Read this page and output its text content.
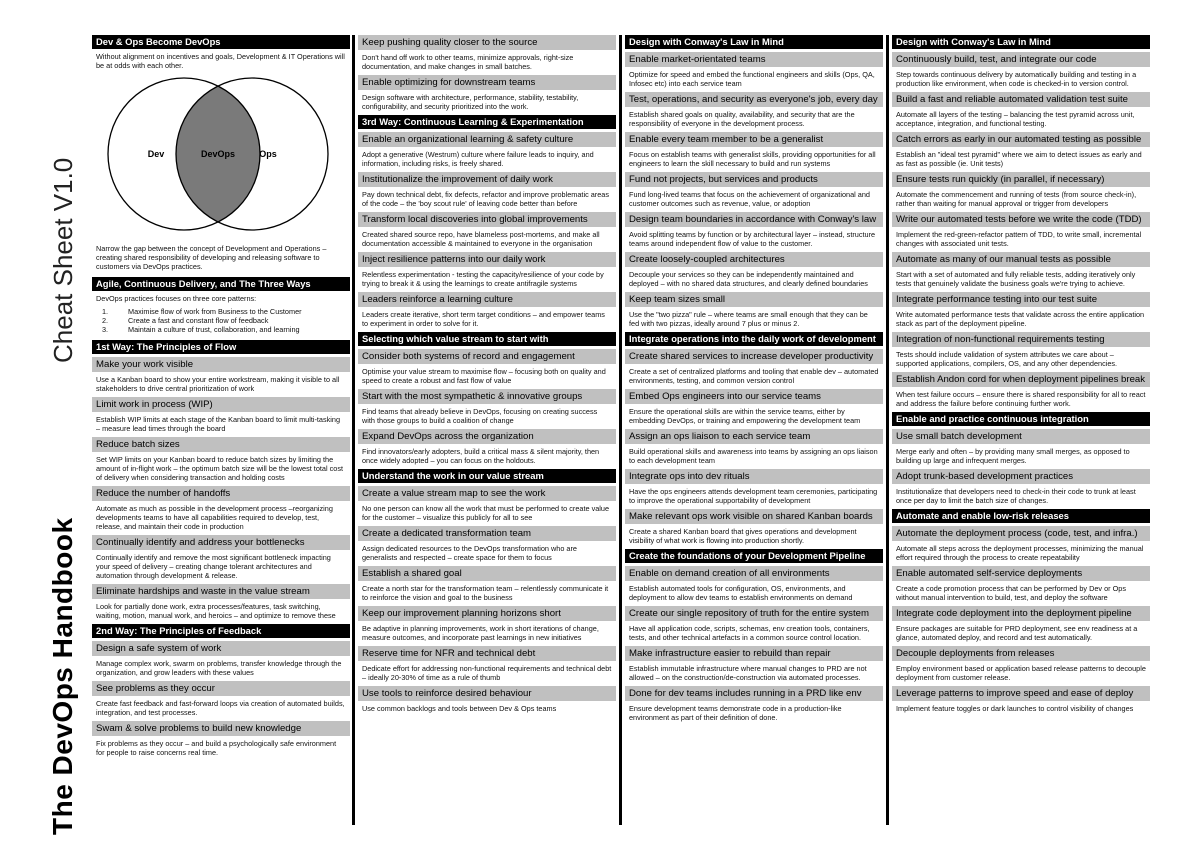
The DevOps Handbook Cheat Sheet V1.0
Dev & Ops Become DevOps
Without alignment on incentives and goals, Development & IT Operations will be at odds with each other.
Dev	DevOps	Ops
Narrow the gap between the concept of Development and Operations – creating shared responsibility of developing and releasing software to customers via DevOps practices.
Agile, Continuous Delivery, and The Three Ways
DevOps practices focuses on three core patterns:
1.	Maximise flow of work from Business to the Customer
2.	Create a fast and constant flow of feedback
3.	Maintain a culture of trust, collaboration, and learning
1st Way: The Principles of Flow
Make your work visible
Use a Kanban board to show your entire workstream, making it visible to all stakeholders to drive central prioritization of work
Limit work in process (WIP)
Establish WIP limits at each stage of the Kanban board to limit multi-tasking – measure lead times through the board
Reduce batch sizes
Set WIP limits on your Kanban board to reduce batch sizes by limiting the amount of in-flight work – the optimum batch size will be the lowest total cost of delivery when considering transaction and holding costs
Reduce the number of handoffs
Automate as much as possible in the development process –reorganizing developments teams to have all capabilities required to develop, test, release, and maintain their code in production
Continually identify and address your bottlenecks
Continually identify and remove the most significant bottleneck impacting your speed of delivery – creating change tolerant architectures and automation through development & release.
Eliminate hardships and waste in the value stream
Look for partially done work, extra processes/features, task switching, waiting, motion, manual work, and heroics – and optimize to remove these
2nd Way: The Principles of Feedback
Design a safe system of work
Manage complex work, swarm on problems, transfer knowledge through the organization, and grow leaders with these values
See problems as they occur
Create fast feedback and fast-forward loops via creation of automated builds, integration, and test processes.
Swam & solve problems to build new knowledge
Fix problems as they occur – and build a psychologically safe environment for people to raise concerns real time.
Keep pushing quality closer to the source
Don't hand off work to other teams, minimize approvals, right-size documentation, and make changes in small batches.
Enable optimizing for downstream teams
Design software with architecture, performance, stability, testability, configurability, and security prioritized into the work.
3rd Way: Continuous Learning & Experimentation
Enable an organizational learning & safety culture
Adopt a generative (Westrum) culture where failure leads to inquiry, and information, including risks, is freely shared.
Institutionalize the improvement of daily work
Pay down technical debt, fix defects, refactor and improve problematic areas of the code – the 'boy scout rule' of leaving code better than before
Transform local discoveries into global improvements
Created shared source repo, have blameless post-mortems, and make all documentation accessible & maintained to everyone in the organisation
Inject resilience patterns into our daily work
Relentless experimentation - testing the capacity/resilience of your code by trying to break it & using the learnings to create antifragile systems
Leaders reinforce a learning culture
Leaders create iterative, short term target conditions – and empower teams to experiment in order to solve for it.
Selecting which value stream to start with
Consider both systems of record and engagement
Optimise your value stream to maximise flow – focusing both on quality and speed to create a robust and fast flow of value
Start with the most sympathetic & innovative groups
Find teams that already believe in DevOps, focusing on creating success with those groups to build a coalition of change
Expand DevOps across the organization
Find innovators/early adopters, build a critical mass & silent majority, then once widely adopted – you can focus on the holdouts.
Understand the work in our value stream
Create a value stream map to see the work
No one person can know all the work that must be performed to create value for the customer – visualize this publicly for all to see
Create a dedicated transformation team
Assign dedicated resources to the DevOps transformation who are generalists and respected – create space for them to focus
Establish a shared goal
Create a north star for the transformation team – relentlessly communicate it to reinforce the vision and goal to the business
Keep our improvement planning horizons short
Be adaptive in planning improvements, work in short iterations of change, measure outcomes, and incorporate past learnings in new initiatives
Reserve time for NFR and technical debt
Dedicate effort for addressing non-functional requirements and technical debt – ideally 20-30% of time as a rule of thumb
Use tools to reinforce desired behaviour
Use common backlogs and tools between Dev & Ops teams
Design with Conway's Law in Mind
Enable market-orientated teams
Optimize for speed and embed the functional engineers and skills (Ops, QA, Infosec etc) into each service team
Test, operations, and security as everyone's job, every day
Establish shared goals on quality, availability, and security that are the responsibility of everyone in the development process.
Enable every team member to be a generalist
Focus on establish teams with generalist skills, providing opportunities for all engineers to learn the skill necessary to build and run systems
Fund not projects, but services and products
Fund long-lived teams that focus on the achievement of organizational and customer outcomes such as revenue, value, or adoption
Design team boundaries in accordance with Conway's law
Avoid splitting teams by function or by architectural layer – instead, structure teams around independent flow of value to the customer.
Create loosely-coupled architectures
Decouple your services so they can be independently maintained and deployed – with no shared data structures, and clearly defined boundaries
Keep team sizes small
Use the "two pizza" rule – where teams are small enough that they can be fed with two pizzas, ideally around 7 plus or minus 2.
Integrate operations into the daily work of development
Create shared services to increase developer productivity
Create a set of centralized platforms and tooling that enable dev – automated environments, testing, and common version control
Embed Ops engineers into our service teams
Ensure the operational skills are within the service teams, either by embedding DevOps, or training and empowering the development team
Assign an ops liaison to each service team
Build operational skills and awareness into teams by assigning an ops liaison to each development team
Integrate ops into dev rituals
Have the ops engineers attends development team ceremonies, participating to improve the operational supportability of development
Make relevant ops work visible on shared Kanban boards
Create a shared Kanban board that gives operations and development visibility of what work is flowing into production shortly.
Create the foundations of your Development Pipeline
Enable on demand creation of all environments
Establish automated tools for configuration, OS, environments, and deployment to allow dev teams to establish environments on demand
Create our single repository of truth for the entire system
Have all application code, scripts, schemas, env creation tools, containers, tests, and other technical artefacts in a common source control location.
Make infrastructure easier to rebuild than repair
Establish immutable infrastructure where manual changes to PRD are not allowed – on the construction/de-construction via automated processes.
Done for dev teams includes running in a PRD like env
Ensure development teams demonstrate code in a production-like environment as part of their definition of done.
Design with Conway's Law in Mind
Continuously build, test, and integrate our code
Step towards continuous delivery by automatically building and testing in a production like environment, when code is checked-in to version control.
Build a fast and reliable automated validation test suite
Automate all layers of the testing – balancing the test pyramid across unit, acceptance, integration, and functional testing.
Catch errors as early in our automated testing as possible
Establish an "ideal test pyramid" where we aim to detect issues as early and as fast as possible (ie. Unit tests)
Ensure tests run quickly (in parallel, if necessary)
Automate the commencement and running of tests (from source check-in), rather than waiting for manual approval or trigger from developers
Write our automated tests before we write the code (TDD)
Implement the red-green-refactor pattern of TDD, to write small, incremental changes with associated unit tests.
Automate as many of our manual tests as possible
Start with a set of automated and fully reliable tests, adding iteratively only tests that genuinely validate the business goals we're trying to achieve.
Integrate performance testing into our test suite
Write automated performance tests that validate across the entire application stack as part of the deployment pipeline.
Integration of non-functional requirements testing
Tests should include validation of system attributes we care about – supported applications, compilers, OS, and any other dependencies.
Establish Andon cord for when deployment pipelines break
When test failure occurs – ensure there is shared responsibility for all to react and address the failure before continuing further work.
Enable and practice continuous integration
Use small batch development
Merge early and often – by providing many small merges, as opposed to building up large and infrequent merges.
Adopt trunk-based development practices
Institutionalize that developers need to check-in their code to trunk at least once per day to limit the batch size of changes.
Automate and enable low-risk releases
Automate the deployment process (code, test, and infra.)
Automate all steps across the deployment processes, minimizing the manual effort required through the process to create repeatability
Enable automated self-service deployments
Create a code promotion process that can be performed by Dev or Ops without manual intervention to build, test, and deploy the software
Integrate code deployment into the deployment pipeline
Ensure packages are suitable for PRD deployment, see env readiness at a glance, automated deploy, and record and test automatically.
Decouple deployments from releases
Employ environment based or application based release patterns to decouple deployment from customer release.
Leverage patterns to improve speed and ease of deploy
Implement feature toggles or dark launches to control visibility of changes
